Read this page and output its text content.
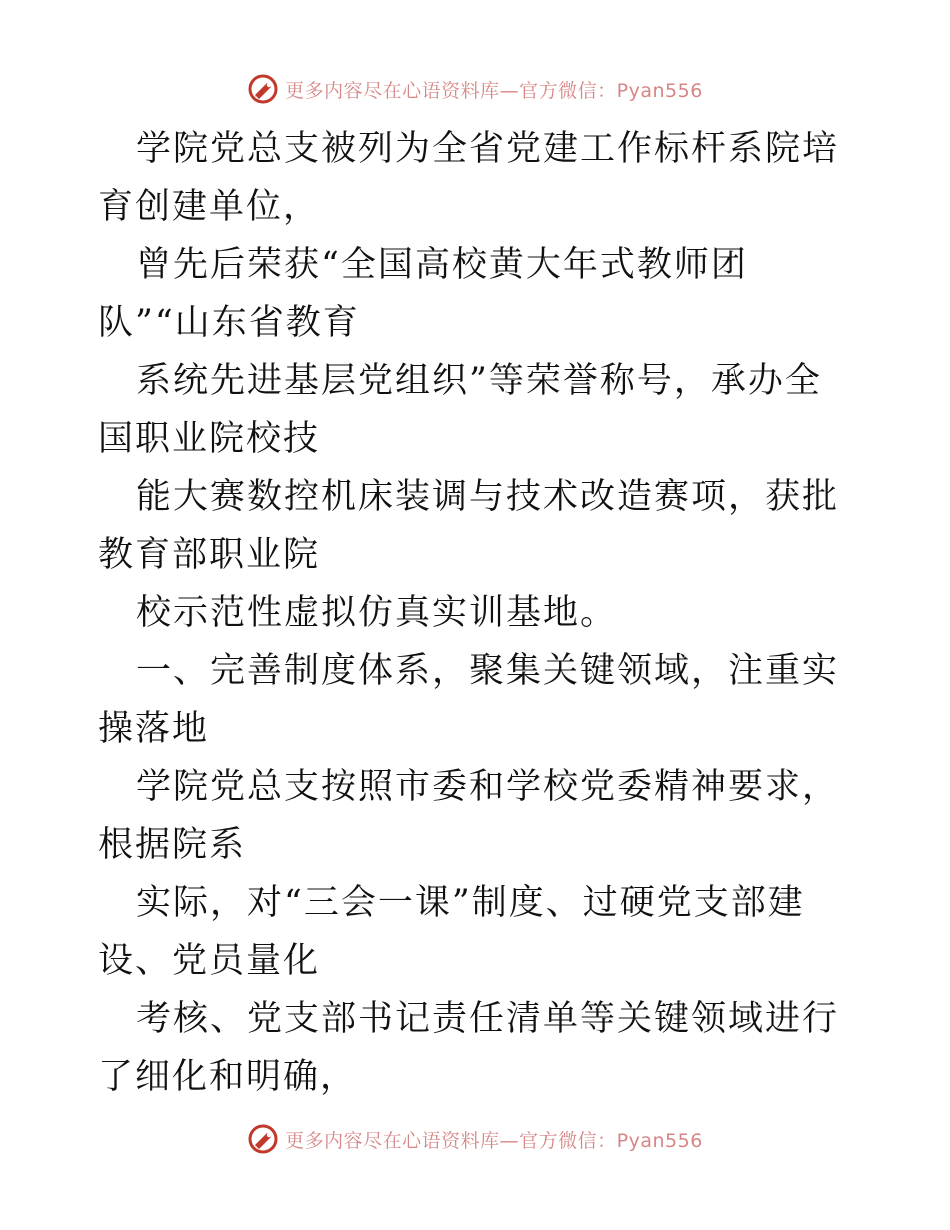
更多内容尽在心语资料库—官方微信：Pyan556

学院党总支被列为全省党建工作标杆系院培育创建单位，

曾先后荣获“全国高校黄大年式教师团队”“山东省教育

系统先进基层党组织”等荣誉称号，承办全国职业院校技

能大赛数控机床装调与技术改造赛项，获批教育部职业院

校示范性虚拟仿真实训基地。

一、完善制度体系，聚集关键领域，注重实操落地

学院党总支按照市委和学校党委精神要求，根据院系

实际，对“三会一课”制度、过硬党支部建设、党员量化

考核、党支部书记责任清单等关键领域进行了细化和明确，

更多内容尽在心语资料库—官方微信：Pyan556
